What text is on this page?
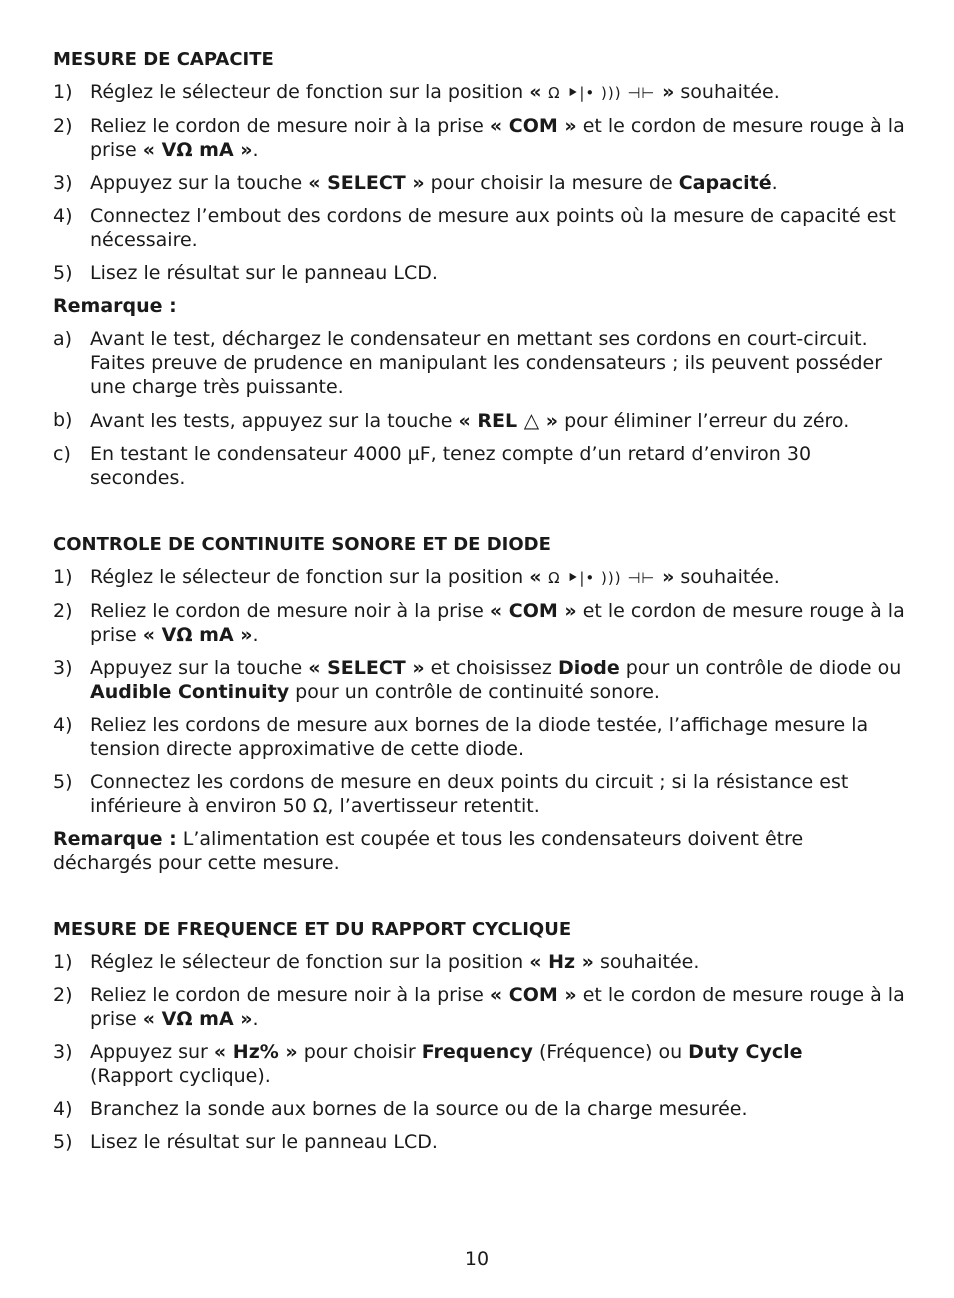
MESURE DE CAPACITE
1) Réglez le sélecteur de fonction sur la position « Ω ⯈|• ))) ⊣⊢ » souhaitée.
2) Reliez le cordon de mesure noir à la prise « COM » et le cordon de mesure rouge à la prise « VΩ mA ».
3) Appuyez sur la touche « SELECT » pour choisir la mesure de Capacité.
4) Connectez l’embout des cordons de mesure aux points où la mesure de capacité est nécessaire.
5) Lisez le résultat sur le panneau LCD.
Remarque :
a) Avant le test, déchargez le condensateur en mettant ses cordons en court-circuit. Faites preuve de prudence en manipulant les condensateurs ; ils peuvent posséder une charge très puissante.
b) Avant les tests, appuyez sur la touche « REL △ » pour éliminer l’erreur du zéro.
c) En testant le condensateur 4000 µF, tenez compte d’un retard d’environ 30 secondes.
CONTROLE DE CONTINUITE SONORE ET DE DIODE
1) Réglez le sélecteur de fonction sur la position « Ω ⯈|• ))) ⊣⊢ » souhaitée.
2) Reliez le cordon de mesure noir à la prise « COM » et le cordon de mesure rouge à la prise « VΩ mA ».
3) Appuyez sur la touche « SELECT » et choisissez Diode pour un contrôle de diode ou Audible Continuity pour un contrôle de continuité sonore.
4) Reliez les cordons de mesure aux bornes de la diode testée, l’affichage mesure la tension directe approximative de cette diode.
5) Connectez les cordons de mesure en deux points du circuit ; si la résistance est inférieure à environ 50 Ω, l’avertisseur retentit.
Remarque : L’alimentation est coupée et tous les condensateurs doivent être déchargés pour cette mesure.
MESURE DE FREQUENCE ET DU RAPPORT CYCLIQUE
1) Réglez le sélecteur de fonction sur la position « Hz » souhaitée.
2) Reliez le cordon de mesure noir à la prise « COM » et le cordon de mesure rouge à la prise « VΩ mA ».
3) Appuyez sur « Hz% » pour choisir Frequency (Fréquence) ou Duty Cycle
(Rapport cyclique).
4) Branchez la sonde aux bornes de la source ou de la charge mesurée.
5) Lisez le résultat sur le panneau LCD.
10
